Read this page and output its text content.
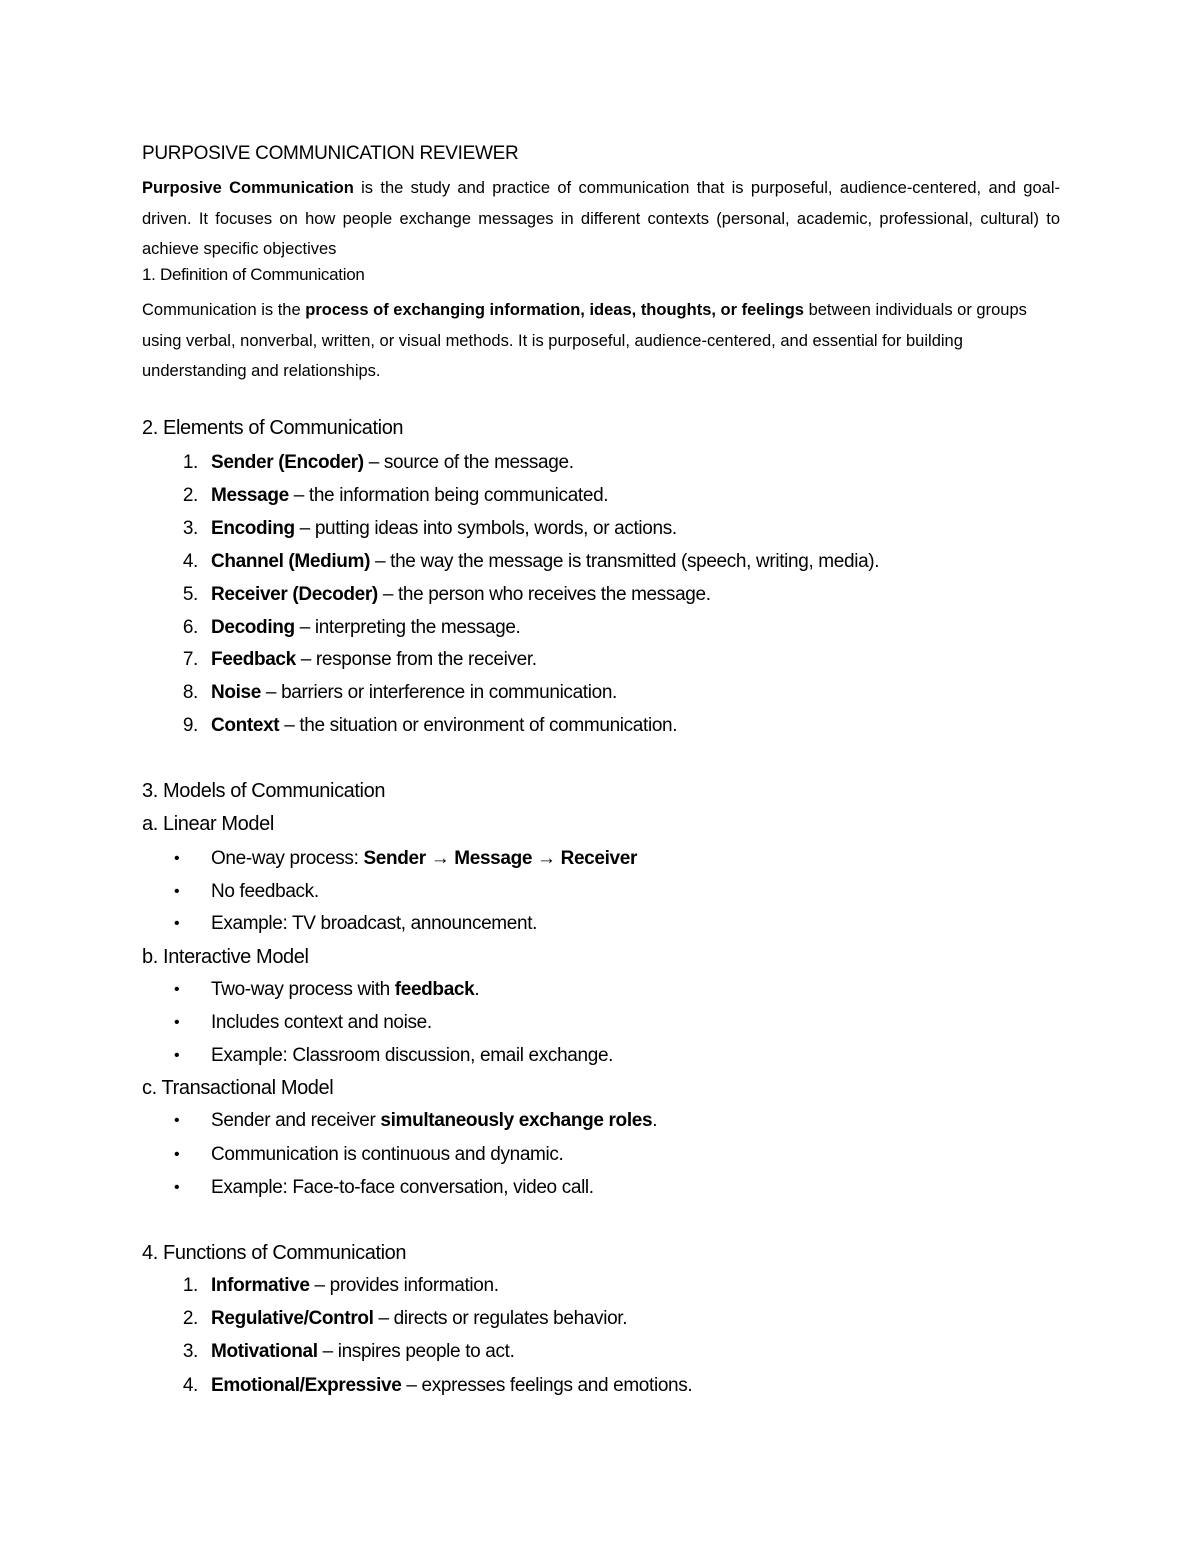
PURPOSIVE COMMUNICATION REVIEWER
Purposive Communication is the study and practice of communication that is purposeful, audience-centered, and goal-driven. It focuses on how people exchange messages in different contexts (personal, academic, professional, cultural) to achieve specific objectives
1. Definition of Communication
Communication is the process of exchanging information, ideas, thoughts, or feelings between individuals or groups using verbal, nonverbal, written, or visual methods. It is purposeful, audience-centered, and essential for building understanding and relationships.
2. Elements of Communication
1. Sender (Encoder) – source of the message.
2. Message – the information being communicated.
3. Encoding – putting ideas into symbols, words, or actions.
4. Channel (Medium) – the way the message is transmitted (speech, writing, media).
5. Receiver (Decoder) – the person who receives the message.
6. Decoding – interpreting the message.
7. Feedback – response from the receiver.
8. Noise – barriers or interference in communication.
9. Context – the situation or environment of communication.
3. Models of Communication
a. Linear Model
•	One-way process: Sender → Message → Receiver
•	No feedback.
•	Example: TV broadcast, announcement.
b. Interactive Model
•	Two-way process with feedback.
•	Includes context and noise.
•	Example: Classroom discussion, email exchange.
c. Transactional Model
•	Sender and receiver simultaneously exchange roles.
•	Communication is continuous and dynamic.
•	Example: Face-to-face conversation, video call.
4. Functions of Communication
1. Informative – provides information.
2. Regulative/Control – directs or regulates behavior.
3. Motivational – inspires people to act.
4. Emotional/Expressive – expresses feelings and emotions.
